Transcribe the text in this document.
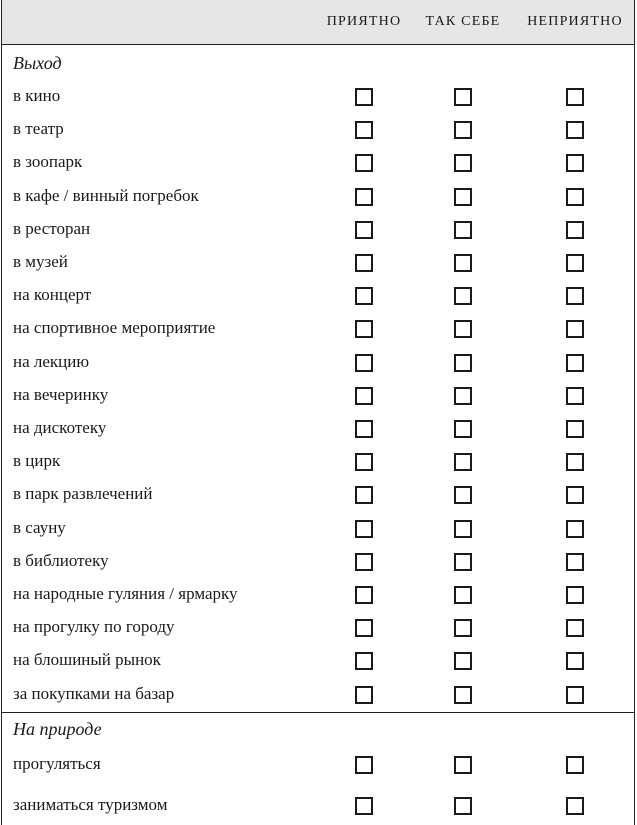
ПРИЯТНО ТАК СЕБЕ НЕПРИЯТНО
Выход
в кино
в театр
в зоопарк
в кафе / винный погребок
в ресторан
в музей
на концерт
на спортивное мероприятие
на лекцию
на вечеринку
на дискотеку
в цирк
в парк развлечений
в сауну
в библиотеку
на народные гуляния / ярмарку
на прогулку по городу
на блошиный рынок
за покупками на базар
На природе
прогуляться
заниматься туризмом
